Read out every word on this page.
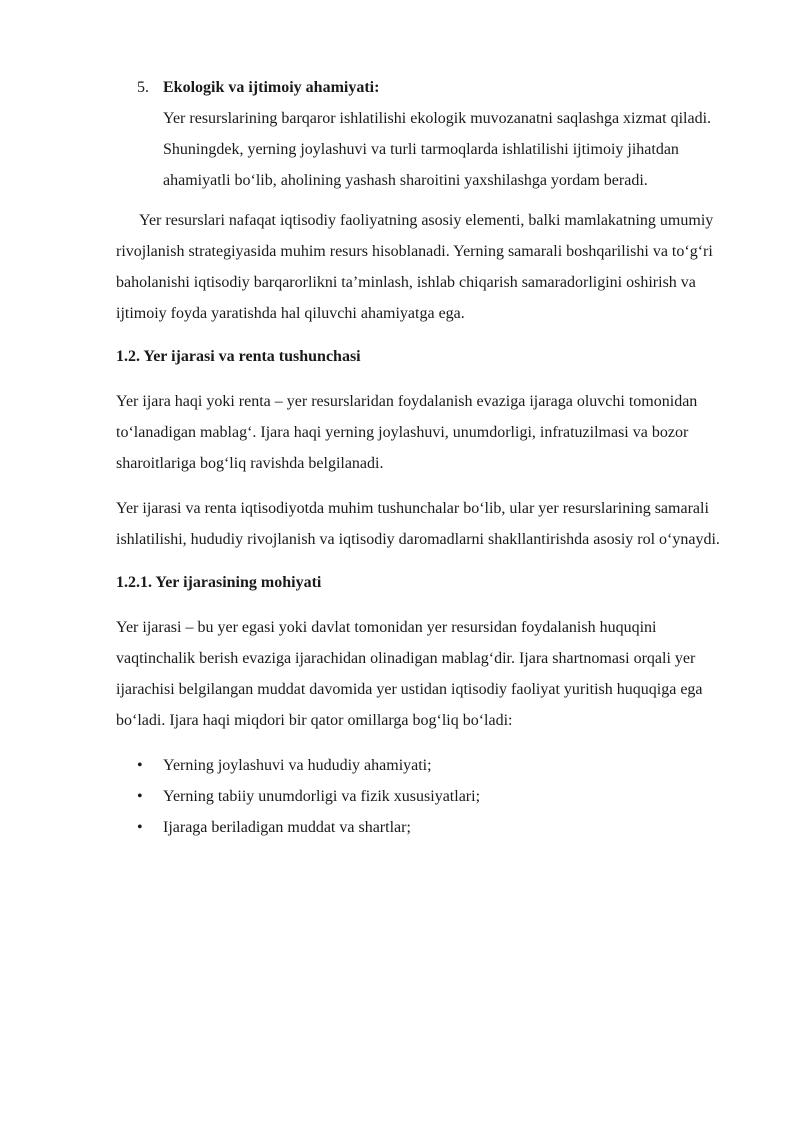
5. Ekologik va ijtimoiy ahamiyati:
Yer resurslarining barqaror ishlatilishi ekologik muvozanatni saqlashga xizmat qiladi. Shuningdek, yerning joylashuvi va turli tarmoqlarda ishlatilishi ijtimoiy jihatdan ahamiyatli bo‘lib, aholining yashash sharoitini yaxshilashga yordam beradi.

Yer resurslari nafaqat iqtisodiy faoliyatning asosiy elementi, balki mamlakatning umumiy rivojlanish strategiyasida muhim resurs hisoblanadi. Yerning samarali boshqarilishi va to‘g‘ri baholanishi iqtisodiy barqarorlikni ta’minlash, ishlab chiqarish samaradorligini oshirish va ijtimoiy foyda yaratishda hal qiluvchi ahamiyatga ega.

1.2. Yer ijarasi va renta tushunchasi

Yer ijara haqi yoki renta – yer resurslaridan foydalanish evaziga ijaraga oluvchi tomonidan to‘lanadigan mablag‘. Ijara haqi yerning joylashuvi, unumdorligi, infratuzilmasi va bozor sharoitlariga bog‘liq ravishda belgilanadi.

Yer ijarasi va renta iqtisodiyotda muhim tushunchalar bo‘lib, ular yer resurslarining samarali ishlatilishi, hududiy rivojlanish va iqtisodiy daromadlarni shakllantirishda asosiy rol o‘ynaydi.

1.2.1. Yer ijarasining mohiyati

Yer ijarasi – bu yer egasi yoki davlat tomonidan yer resursidan foydalanish huquqini vaqtinchalik berish evaziga ijarachidan olinadigan mablag‘dir. Ijara shartnomasi orqali yer ijarachisi belgilangan muddat davomida yer ustidan iqtisodiy faoliyat yuritish huquqiga ega bo‘ladi. Ijara haqi miqdori bir qator omillarga bog‘liq bo‘ladi:

• Yerning joylashuvi va hududiy ahamiyati;
• Yerning tabiiy unumdorligi va fizik xususiyatlari;
• Ijaraga beriladigan muddat va shartlar;
